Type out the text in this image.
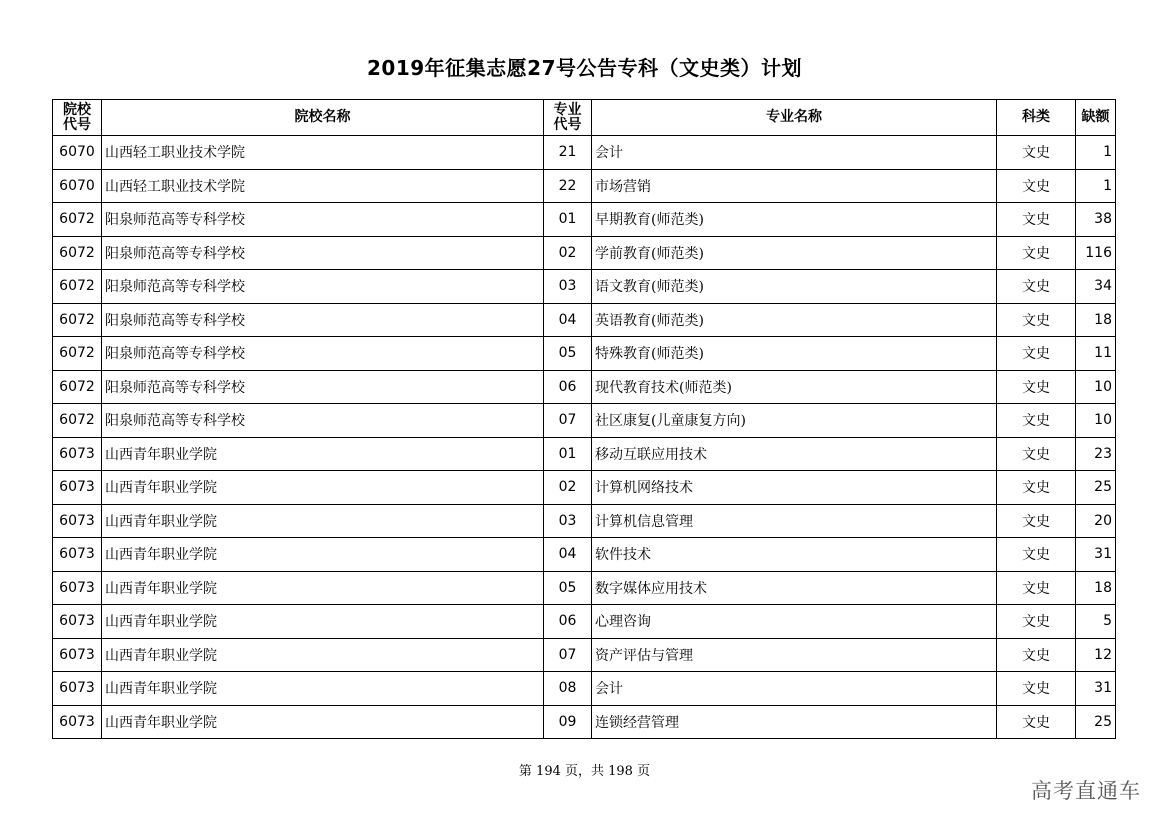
2019年征集志愿27号公告专科（文史类）计划
院校代号	院校名称	专业代号	专业名称	科类	缺额
6070	山西轻工职业技术学院	21	会计	文史	1
6070	山西轻工职业技术学院	22	市场营销	文史	1
6072	阳泉师范高等专科学校	01	早期教育(师范类)	文史	38
6072	阳泉师范高等专科学校	02	学前教育(师范类)	文史	116
6072	阳泉师范高等专科学校	03	语文教育(师范类)	文史	34
6072	阳泉师范高等专科学校	04	英语教育(师范类)	文史	18
6072	阳泉师范高等专科学校	05	特殊教育(师范类)	文史	11
6072	阳泉师范高等专科学校	06	现代教育技术(师范类)	文史	10
6072	阳泉师范高等专科学校	07	社区康复(儿童康复方向)	文史	10
6073	山西青年职业学院	01	移动互联应用技术	文史	23
6073	山西青年职业学院	02	计算机网络技术	文史	25
6073	山西青年职业学院	03	计算机信息管理	文史	20
6073	山西青年职业学院	04	软件技术	文史	31
6073	山西青年职业学院	05	数字媒体应用技术	文史	18
6073	山西青年职业学院	06	心理咨询	文史	5
6073	山西青年职业学院	07	资产评估与管理	文史	12
6073	山西青年职业学院	08	会计	文史	31
6073	山西青年职业学院	09	连锁经营管理	文史	25
第 194 页，共 198 页
高考直通车
